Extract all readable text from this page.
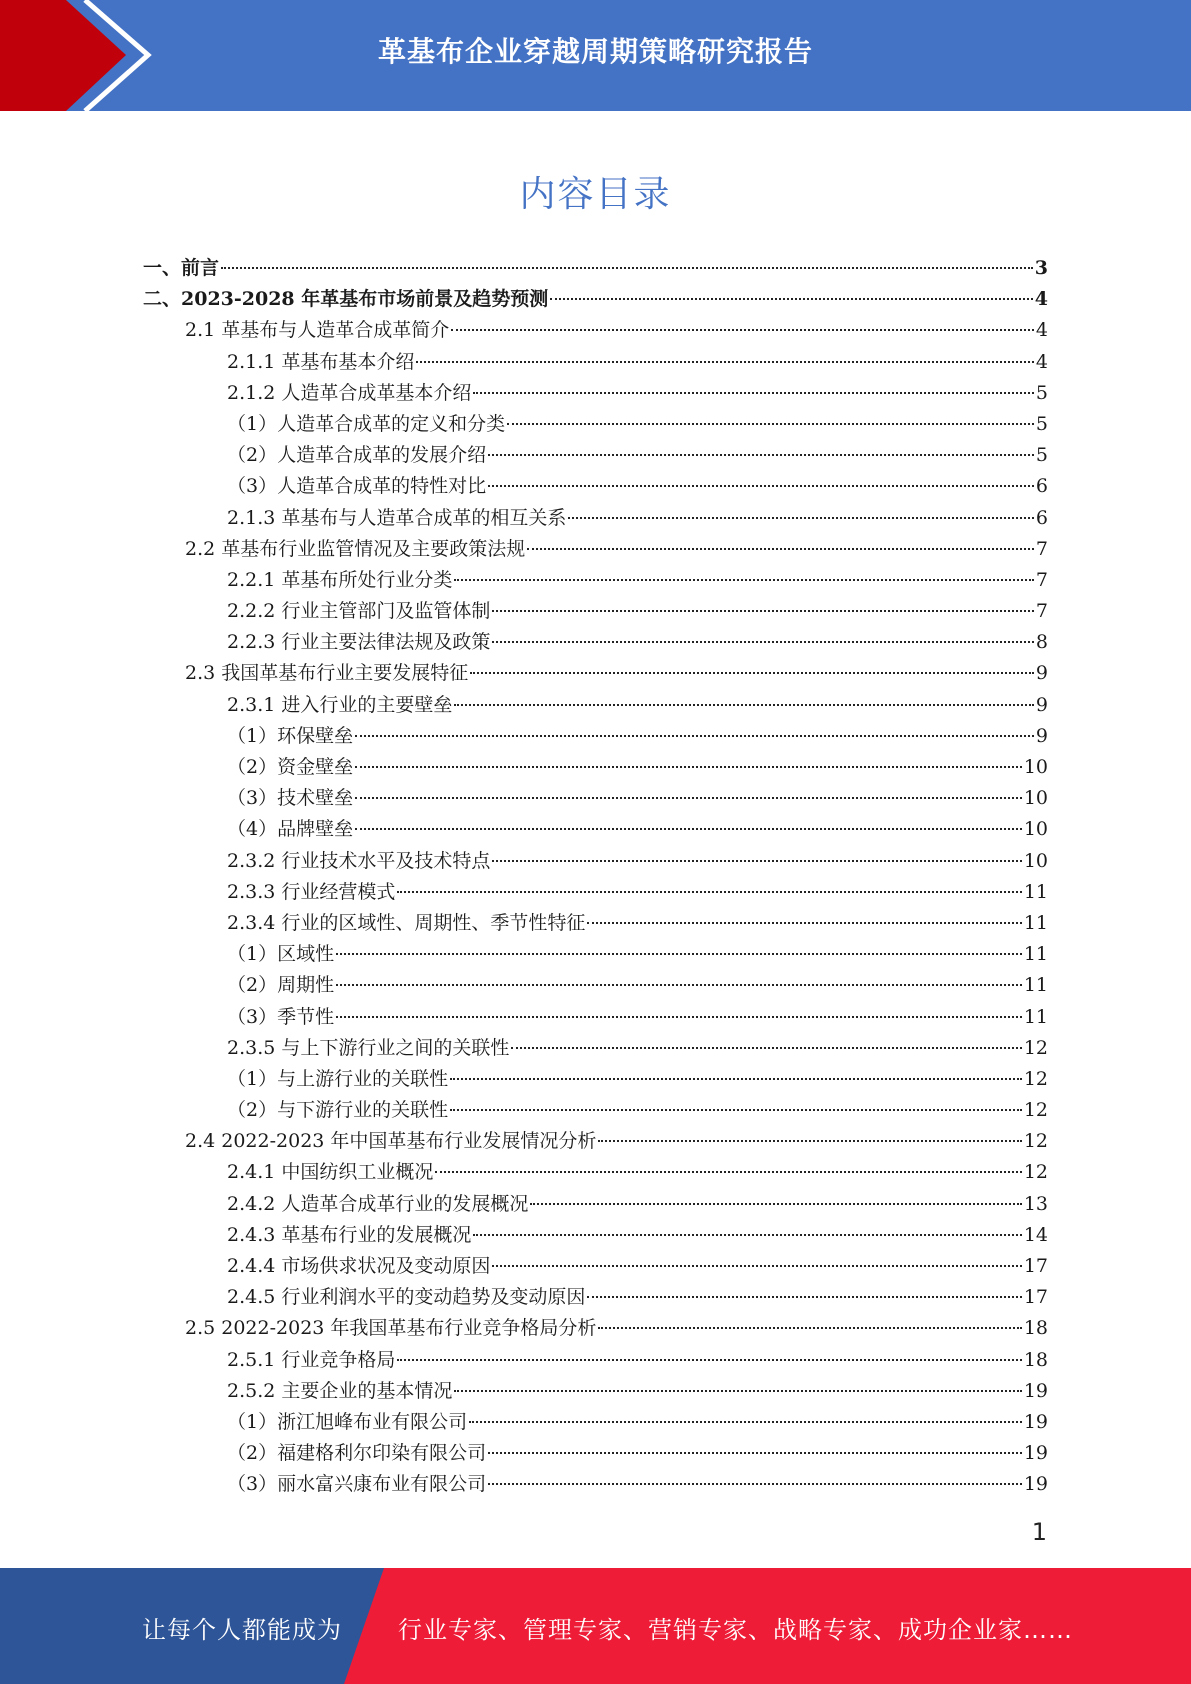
革基布企业穿越周期策略研究报告
内容目录
一、前言	3
二、2023-2028 年革基布市场前景及趋势预测	4
2.1 革基布与人造革合成革简介	4
2.1.1 革基布基本介绍	4
2.1.2 人造革合成革基本介绍	5
（1）人造革合成革的定义和分类	5
（2）人造革合成革的发展介绍	5
（3）人造革合成革的特性对比	6
2.1.3 革基布与人造革合成革的相互关系	6
2.2 革基布行业监管情况及主要政策法规	7
2.2.1 革基布所处行业分类	7
2.2.2 行业主管部门及监管体制	7
2.2.3 行业主要法律法规及政策	8
2.3 我国革基布行业主要发展特征	9
2.3.1 进入行业的主要壁垒	9
（1）环保壁垒	9
（2）资金壁垒	10
（3）技术壁垒	10
（4）品牌壁垒	10
2.3.2 行业技术水平及技术特点	10
2.3.3 行业经营模式	11
2.3.4 行业的区域性、周期性、季节性特征	11
（1）区域性	11
（2）周期性	11
（3）季节性	11
2.3.5 与上下游行业之间的关联性	12
（1）与上游行业的关联性	12
（2）与下游行业的关联性	12
2.4 2022-2023 年中国革基布行业发展情况分析	12
2.4.1 中国纺织工业概况	12
2.4.2 人造革合成革行业的发展概况	13
2.4.3 革基布行业的发展概况	14
2.4.4 市场供求状况及变动原因	17
2.4.5 行业利润水平的变动趋势及变动原因	17
2.5 2022-2023 年我国革基布行业竞争格局分析	18
2.5.1 行业竞争格局	18
2.5.2 主要企业的基本情况	19
（1）浙江旭峰布业有限公司	19
（2）福建格利尔印染有限公司	19
（3）丽水富兴康布业有限公司	19
1
让每个人都能成为 行业专家、管理专家、营销专家、战略专家、成功企业家……
